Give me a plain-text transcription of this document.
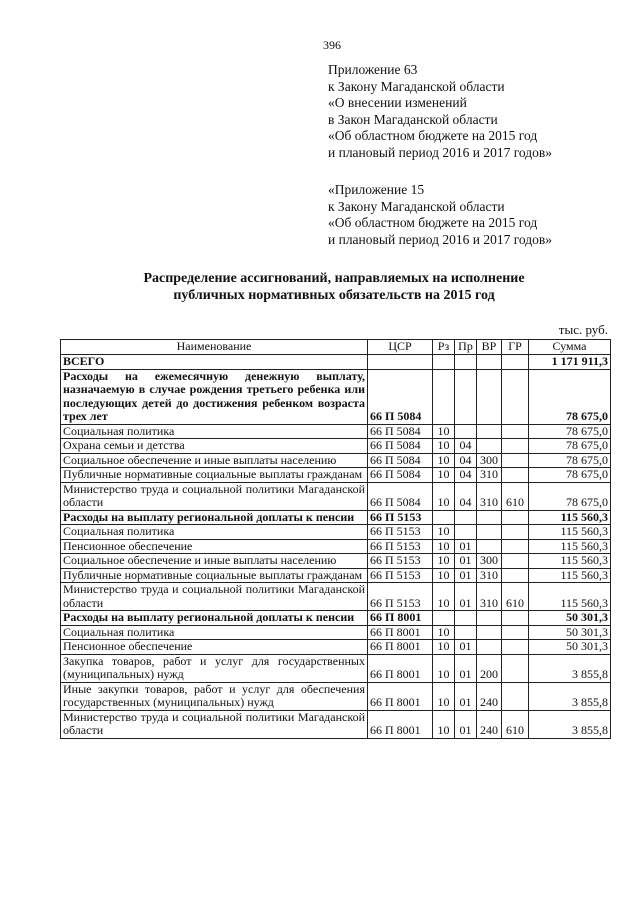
396
Приложение 63
к Закону Магаданской области
«О внесении изменений
в Закон Магаданской области
«Об областном бюджете на 2015 год
и плановый период 2016 и 2017 годов»
«Приложение 15
к Закону Магаданской области
«Об областном бюджете на 2015 год
и плановый период 2016 и 2017 годов»
Распределение ассигнований, направляемых на исполнение
публичных нормативных обязательств на 2015 год
тыс. руб.
Наименование	ЦСР	Рз	Пр	ВР	ГР	Сумма
ВСЕГО						1 171 911,3
Расходы на ежемесячную денежную выплату, назначаемую в случае рождения третьего ребенка или последующих детей до достижения ребенком возраста трех лет	66 П 5084					78 675,0
Социальная политика	66 П 5084	10				78 675,0
Охрана семьи и детства	66 П 5084	10	04			78 675,0
Социальное обеспечение и иные выплаты населению	66 П 5084	10	04	300		78 675,0
Публичные нормативные социальные выплаты гражданам	66 П 5084	10	04	310		78 675,0
Министерство труда и социальной политики Магаданской области	66 П 5084	10	04	310	610	78 675,0
Расходы на выплату региональной доплаты к пенсии	66 П 5153					115 560,3
Социальная политика	66 П 5153	10				115 560,3
Пенсионное обеспечение	66 П 5153	10	01			115 560,3
Социальное обеспечение и иные выплаты населению	66 П 5153	10	01	300		115 560,3
Публичные нормативные социальные выплаты гражданам	66 П 5153	10	01	310		115 560,3
Министерство труда и социальной политики Магаданской области	66 П 5153	10	01	310	610	115 560,3
Расходы на выплату региональной доплаты к пенсии	66 П 8001					50 301,3
Социальная политика	66 П 8001	10				50 301,3
Пенсионное обеспечение	66 П 8001	10	01			50 301,3
Закупка товаров, работ и услуг для государственных (муниципальных) нужд	66 П 8001	10	01	200		3 855,8
Иные закупки товаров, работ и услуг для обеспечения государственных (муниципальных) нужд	66 П 8001	10	01	240		3 855,8
Министерство труда и социальной политики Магаданской области	66 П 8001	10	01	240	610	3 855,8
